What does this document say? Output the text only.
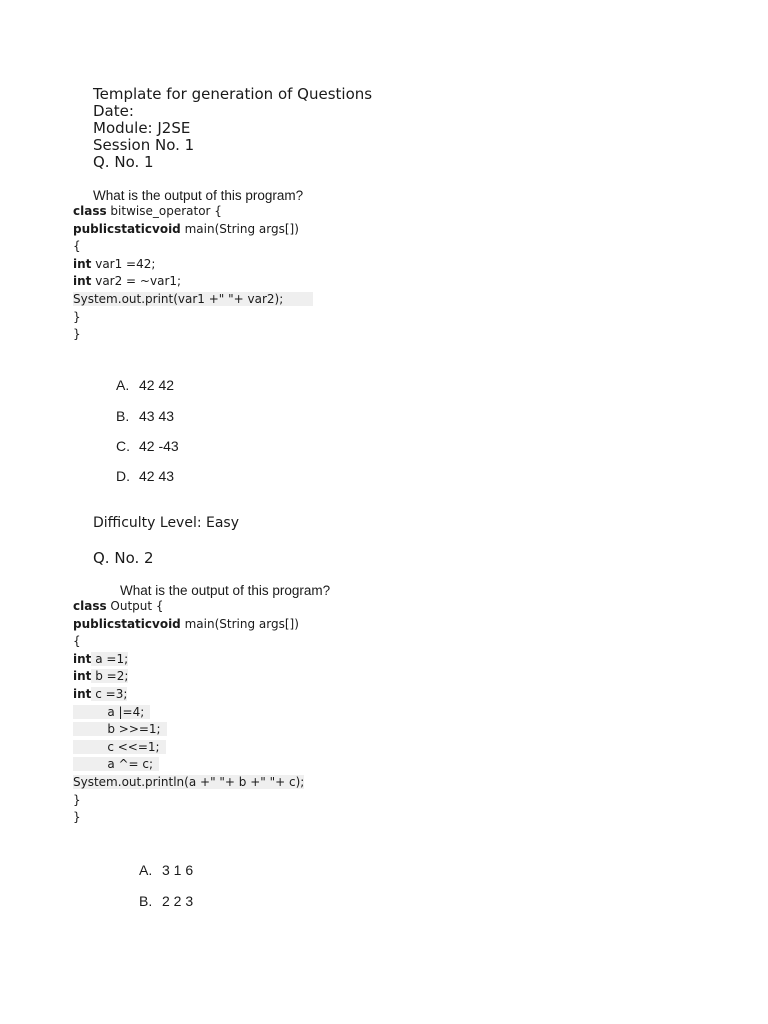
Template for generation of Questions
Date:
Module: J2SE
Session No. 1
Q. No. 1
What is the output of this program?
class bitwise_operator {
publicstaticvoid main(String args[])
{
int var1 =42;
int var2 = ~var1;
System.out.print(var1 +" "+ var2);
}
}
A. 42 42
B. 43 43
C. 42 -43
D. 42 43
Difficulty Level: Easy
Q. No. 2
What is the output of this program?
class Output {
publicstaticvoid main(String args[])
{
int a =1;
int b =2;
int c =3;
a |=4;
b >>=1;
c <<=1;
a ^= c;
System.out.println(a +" "+ b +" "+ c);
}
}
A. 3 1 6
B. 2 2 3
